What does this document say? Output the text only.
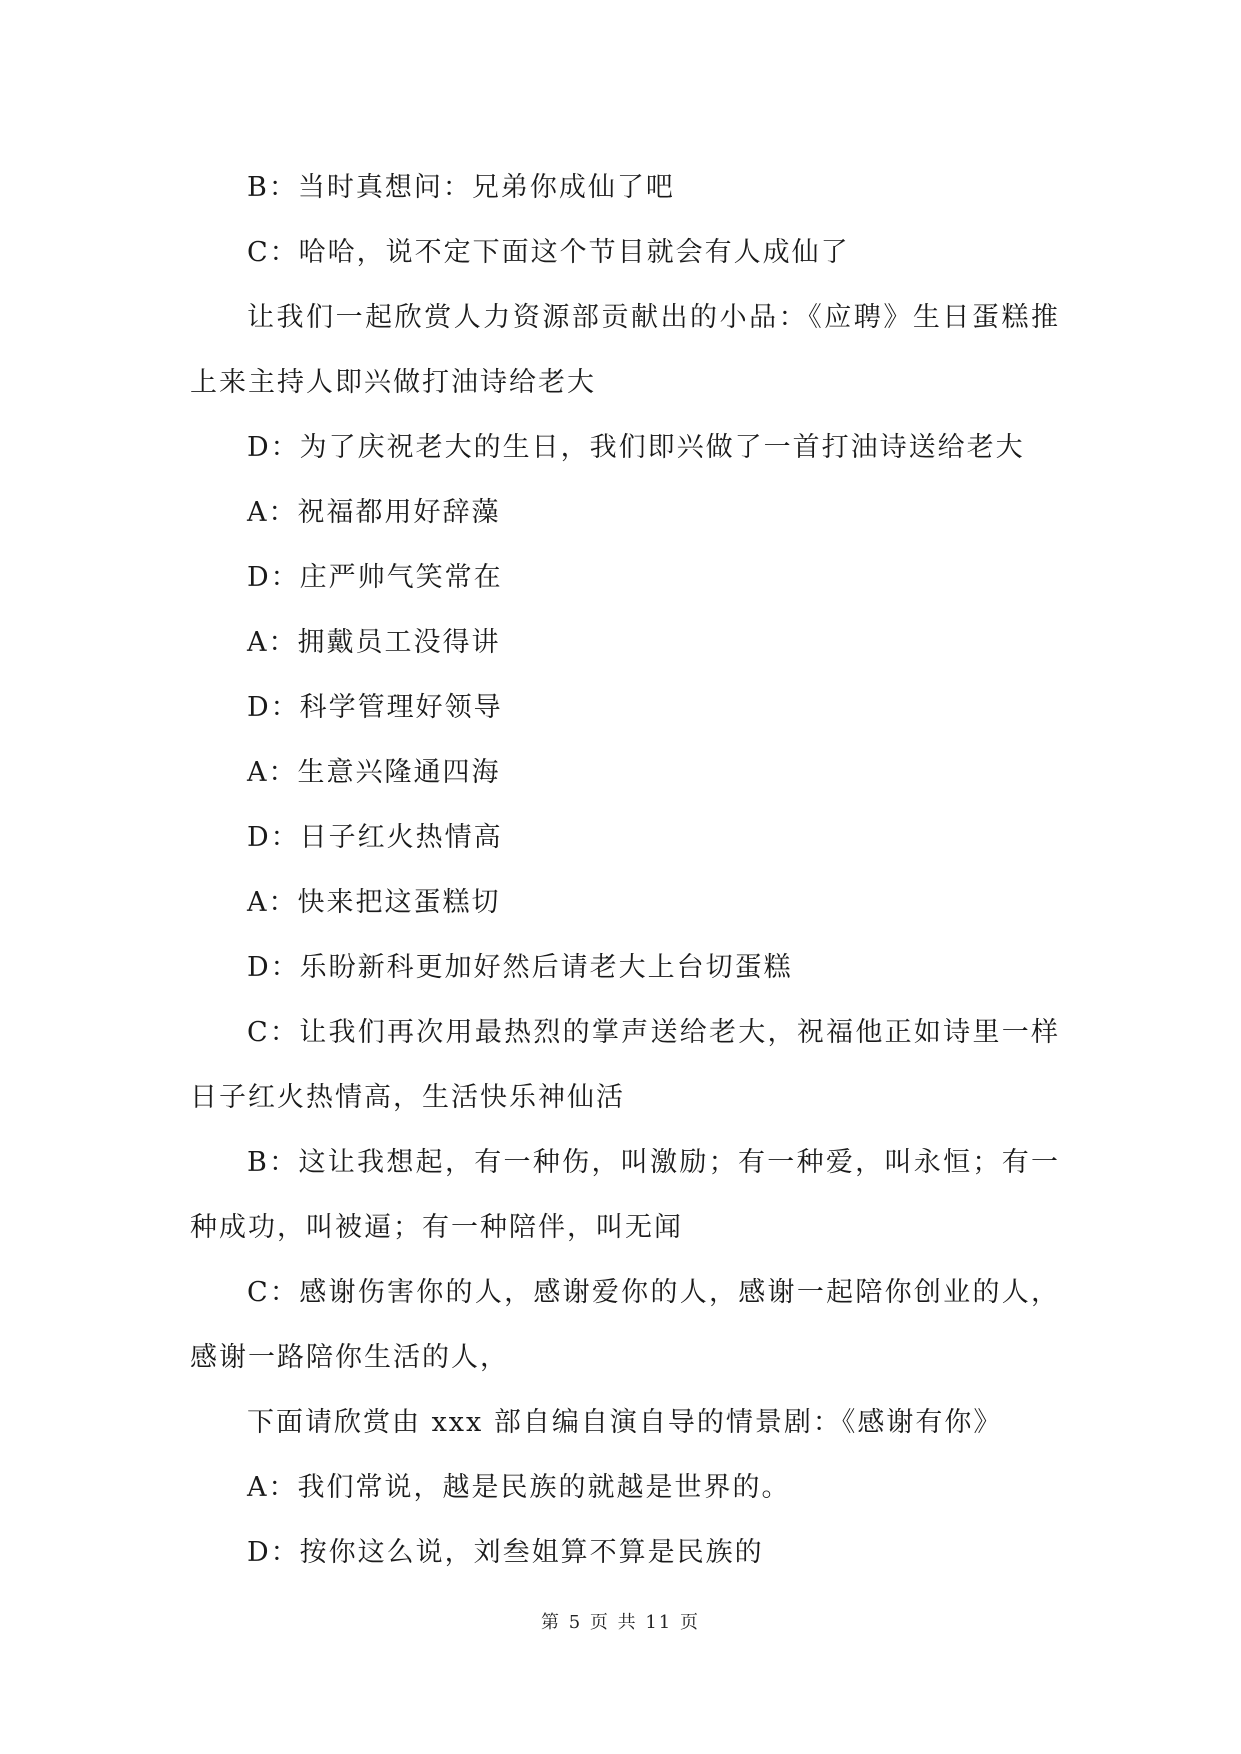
B：当时真想问：兄弟你成仙了吧

C：哈哈，说不定下面这个节目就会有人成仙了

让我们一起欣赏人力资源部贡献出的小品：《应聘》生日蛋糕推上来主持人即兴做打油诗给老大

D：为了庆祝老大的生日，我们即兴做了一首打油诗送给老大

A：祝福都用好辞藻

D：庄严帅气笑常在

A：拥戴员工没得讲

D：科学管理好领导

A：生意兴隆通四海

D：日子红火热情高

A：快来把这蛋糕切

D：乐盼新科更加好然后请老大上台切蛋糕

C：让我们再次用最热烈的掌声送给老大，祝福他正如诗里一样日子红火热情高，生活快乐神仙活

B：这让我想起，有一种伤，叫激励；有一种爱，叫永恒；有一种成功，叫被逼；有一种陪伴，叫无闻

C：感谢伤害你的人，感谢爱你的人，感谢一起陪你创业的人，感谢一路陪你生活的人，

下面请欣赏由 xxx 部自编自演自导的情景剧：《感谢有你》

A：我们常说，越是民族的就越是世界的。

D：按你这么说，刘叁姐算不算是民族的

第 5 页 共 11 页
